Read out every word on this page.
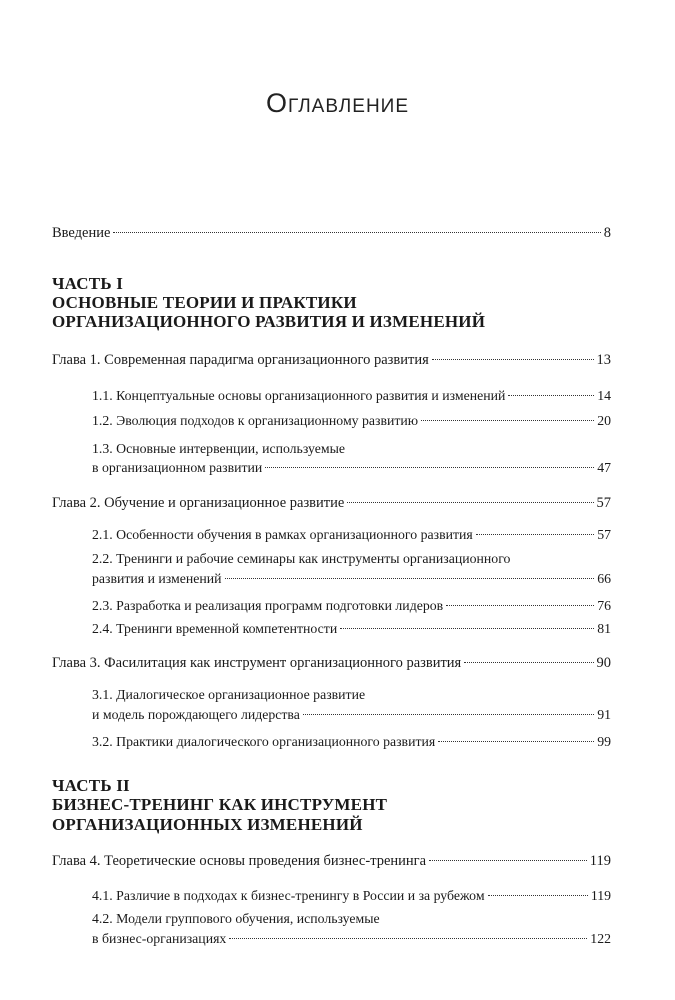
Оглавление
Введение	8
ЧАСТЬ I
ОСНОВНЫЕ ТЕОРИИ И ПРАКТИКИ
ОРГАНИЗАЦИОННОГО РАЗВИТИЯ И ИЗМЕНЕНИЙ
Глава 1. Современная парадигма организационного развития	13
1.1. Концептуальные основы организационного развития и изменений	14
1.2. Эволюция подходов к организационному развитию	20
1.3. Основные интервенции, используемые
в организационном развитии	47
Глава 2. Обучение и организационное развитие	57
2.1. Особенности обучения в рамках организационного развития	57
2.2. Тренинги и рабочие семинары как инструменты организационного
развития и изменений	66
2.3. Разработка и реализация программ подготовки лидеров	76
2.4. Тренинги временной компетентности	81
Глава 3. Фасилитация как инструмент организационного развития	90
3.1. Диалогическое организационное развитие
и модель порождающего лидерства	91
3.2. Практики диалогического организационного развития	99
ЧАСТЬ II
БИЗНЕС-ТРЕНИНГ КАК ИНСТРУМЕНТ
ОРГАНИЗАЦИОННЫХ ИЗМЕНЕНИЙ
Глава 4. Теоретические основы проведения бизнес-тренинга	119
4.1. Различие в подходах к бизнес-тренингу в России и за рубежом	119
4.2. Модели группового обучения, используемые
в бизнес-организациях	122
